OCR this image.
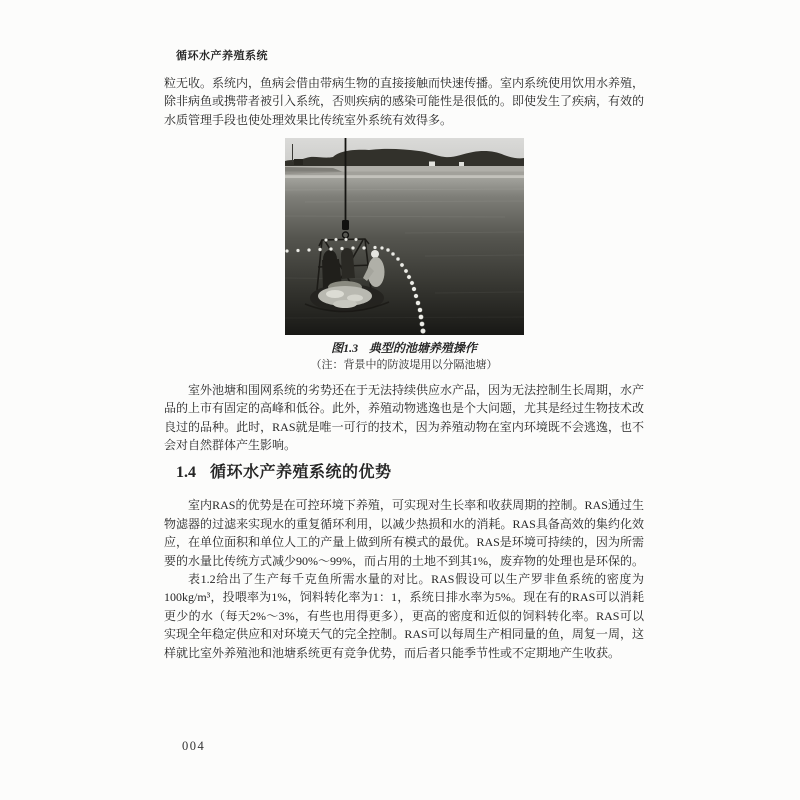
循环水产养殖系统

粒无收。系统内，鱼病会借由带病生物的直接接触而快速传播。室内系统使用饮用水养殖，除非病鱼或携带者被引入系统，否则疾病的感染可能性是很低的。即使发生了疾病，有效的水质管理手段也使处理效果比传统室外系统有效得多。

图1.3 典型的池塘养殖操作
（注：背景中的防波堤用以分隔池塘）

室外池塘和围网系统的劣势还在于无法持续供应水产品，因为无法控制生长周期，水产品的上市有固定的高峰和低谷。此外，养殖动物逃逸也是个大问题，尤其是经过生物技术改良过的品种。此时，RAS就是唯一可行的技术，因为养殖动物在室内环境既不会逃逸，也不会对自然群体产生影响。

1.4 循环水产养殖系统的优势

室内RAS的优势是在可控环境下养殖，可实现对生长率和收获周期的控制。RAS通过生物滤器的过滤来实现水的重复循环利用，以减少热损和水的消耗。RAS具备高效的集约化效应，在单位面积和单位人工的产量上做到所有模式的最优。RAS是环境可持续的，因为所需要的水量比传统方式减少90%～99%，而占用的土地不到其1%，废弃物的处理也是环保的。

表1.2给出了生产每千克鱼所需水量的对比。RAS假设可以生产罗非鱼系统的密度为100kg/m³，投喂率为1%，饲料转化率为1：1，系统日排水率为5%。现在有的RAS可以消耗更少的水（每天2%～3%，有些也用得更多），更高的密度和近似的饲料转化率。RAS可以实现全年稳定供应和对环境天气的完全控制。RAS可以每周生产相同量的鱼，周复一周，这样就比室外养殖池和池塘系统更有竞争优势，而后者只能季节性或不定期地产生收获。

004
